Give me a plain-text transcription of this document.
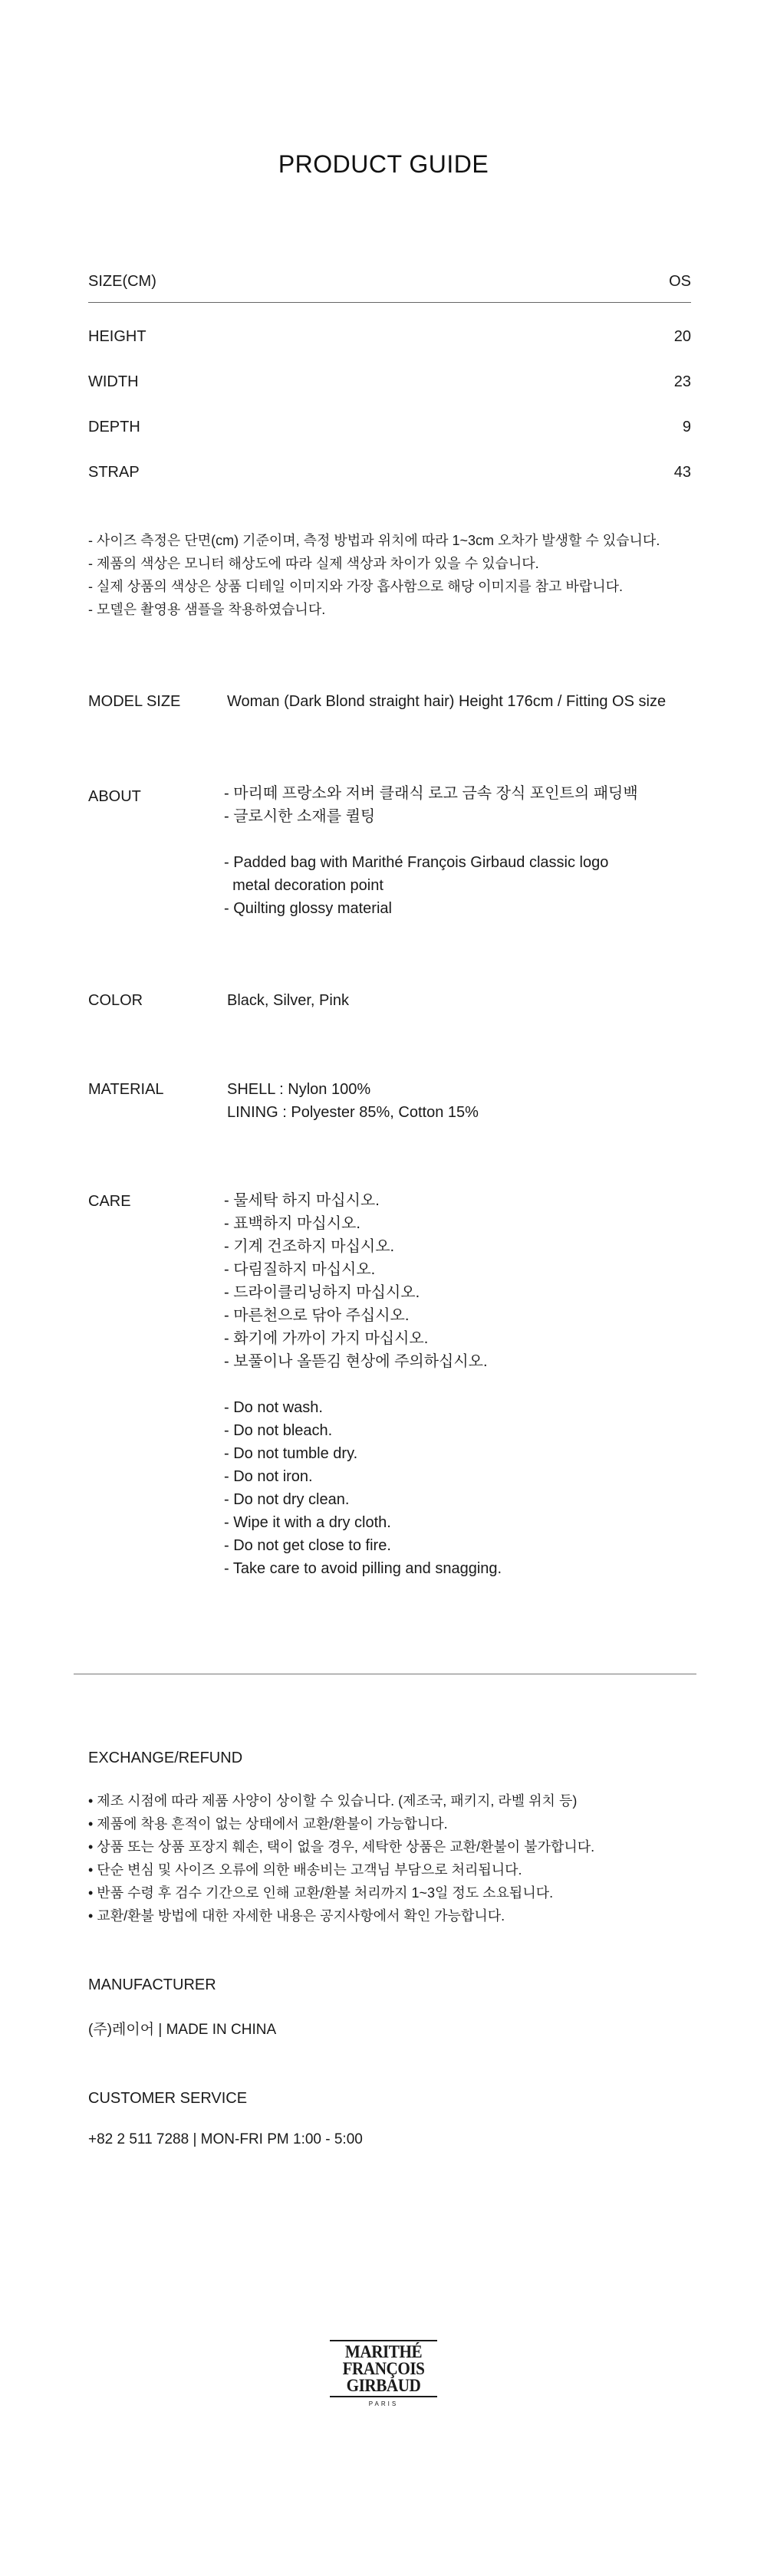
PRODUCT GUIDE
SIZE(CM)	OS
HEIGHT	20
WIDTH	23
DEPTH	9
STRAP	43
- 사이즈 측정은 단면(cm) 기준이며, 측정 방법과 위치에 따라 1~3cm 오차가 발생할 수 있습니다.
- 제품의 색상은 모니터 해상도에 따라 실제 색상과 차이가 있을 수 있습니다.
- 실제 상품의 색상은 상품 디테일 이미지와 가장 흡사함으로 해당 이미지를 참고 바랍니다.
- 모델은 촬영용 샘플을 착용하였습니다.
MODEL SIZE	Woman (Dark Blond straight hair) Height 176cm / Fitting OS size
ABOUT	- 마리떼 프랑소와 저버 클래식 로고 금속 장식 포인트의 패딩백
- 글로시한 소재를 퀼팅
- Padded bag with Marithé François Girbaud classic logo
metal decoration point
- Quilting glossy material
COLOR	Black, Silver, Pink
MATERIAL	SHELL : Nylon 100%
LINING : Polyester 85%, Cotton 15%
CARE	- 물세탁 하지 마십시오.
- 표백하지 마십시오.
- 기계 건조하지 마십시오.
- 다림질하지 마십시오.
- 드라이클리닝하지 마십시오.
- 마른천으로 닦아 주십시오.
- 화기에 가까이 가지 마십시오.
- 보풀이나 올뜯김 현상에 주의하십시오.
- Do not wash.
- Do not bleach.
- Do not tumble dry.
- Do not iron.
- Do not dry clean.
- Wipe it with a dry cloth.
- Do not get close to fire.
- Take care to avoid pilling and snagging.
EXCHANGE/REFUND
• 제조 시점에 따라 제품 사양이 상이할 수 있습니다. (제조국, 패키지, 라벨 위치 등)
• 제품에 착용 흔적이 없는 상태에서 교환/환불이 가능합니다.
• 상품 또는 상품 포장지 훼손, 택이 없을 경우, 세탁한 상품은 교환/환불이 불가합니다.
• 단순 변심 및 사이즈 오류에 의한 배송비는 고객님 부담으로 처리됩니다.
• 반품 수령 후 검수 기간으로 인해 교환/환불 처리까지 1~3일 정도 소요됩니다.
• 교환/환불 방법에 대한 자세한 내용은 공지사항에서 확인 가능합니다.
MANUFACTURER
(주)레이어 | MADE IN CHINA
CUSTOMER SERVICE
+82 2 511 7288 | MON-FRI PM 1:00 - 5:00
MARITHÉ
FRANÇOIS
GIRBAUD
PARIS
